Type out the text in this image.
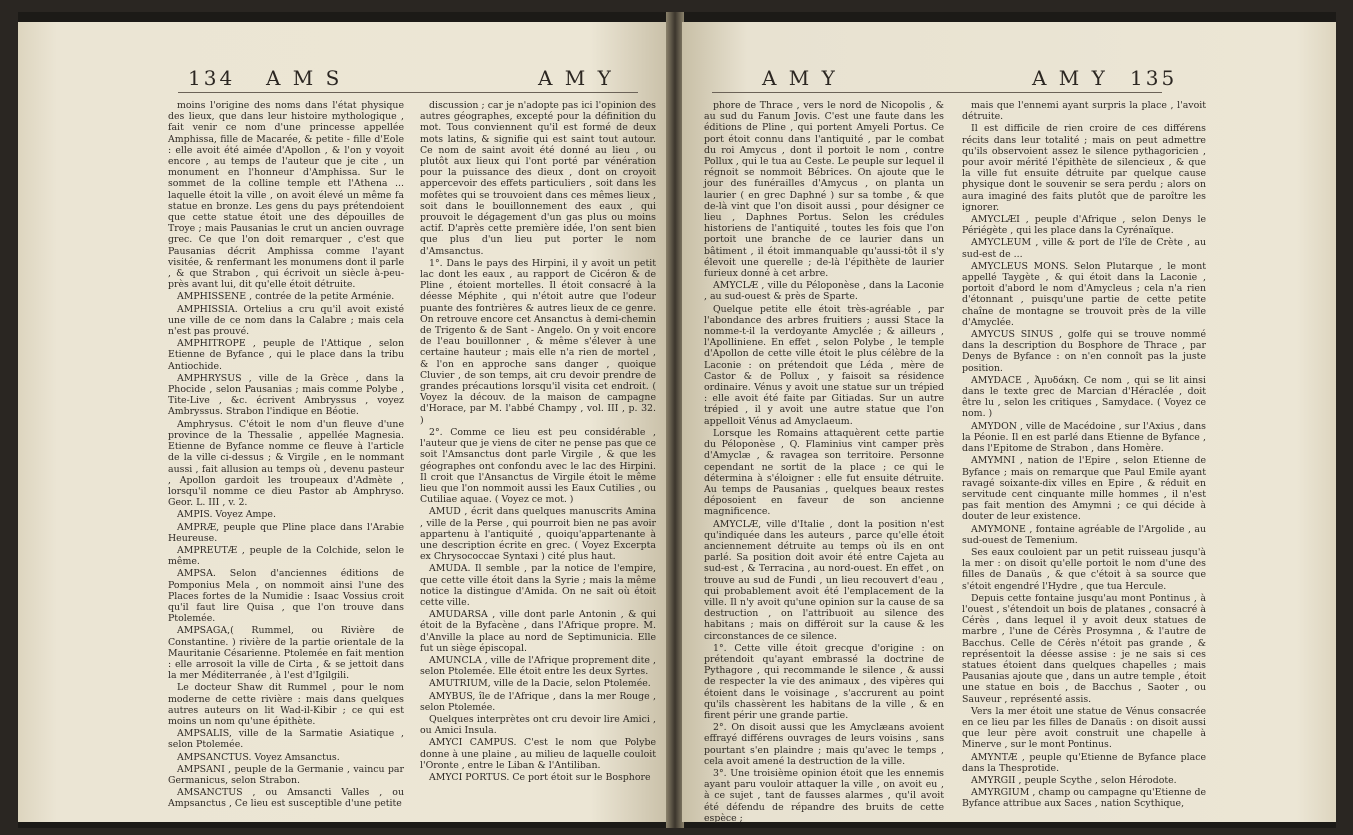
134 A M S	A M Y

moins l'origine des noms dans l'état physique des lieux, que dans leur histoire mythologique , fait venir ce nom d'une princesse appellée Amphissa, fille de Macarée, & petite - fille d'Eole : elle avoit été aimée d'Apollon , & l'on y voyoit encore , au temps de l'auteur que je cite , un monument en l'honneur d'Amphissa. Sur le sommet de la colline temple ett l'Athena ... laquelle étoit la ville , on avoit élevé un même fa statue en bronze. Les gens du pays prétendoient que cette statue étoit une des dépouilles de Troye ; mais Pausanias le crut un ancien ouvrage grec. Ce que l'on doit remarquer , c'est que Pausanias décrit Amphissa comme l'ayant visitée, & renfermant les monumens dont il parle , & que Strabon , qui écrivoit un siècle à-peu-près avant lui, dit qu'elle étoit détruite.

AMPHISSENE , contrée de la petite Arménie.

AMPHISSIA. Ortelius a cru qu'il avoit existé une ville de ce nom dans la Calabre ; mais cela n'est pas prouvé.

AMPHITROPE , peuple de l'Attique , selon Etienne de Byfance , qui le place dans la tribu Antiochide.

AMPHRYSUS , ville de la Grèce , dans la Phocide , selon Pausanias ; mais comme Polybe , Tite-Live , &c. écrivent Ambryssus , voyez Ambryssus. Strabon l'indique en Béotie.

Amphrysus. C'étoit le nom d'un fleuve d'une province de la Thessalie , appellée Magnesia. Etienne de Byfance nomme ce fleuve à l'article de la ville ci-dessus ; & Virgile , en le nommant aussi , fait allusion au temps où , devenu pasteur , Apollon gardoit les troupeaux d'Admète , lorsqu'il nomme ce dieu Pastor ab Amphryso. Geor. L. III , v. 2.

AMPIS. Voyez Ampe.

AMPRÆ, peuple que Pline place dans l'Arabie Heureuse.

AMPREUTÆ , peuple de la Colchide, selon le même.

AMPSA. Selon d'anciennes éditions de Pomponius Mela , on nommoit ainsi l'une des Places fortes de la Numidie : Isaac Vossius croit qu'il faut lire Quisa , que l'on trouve dans Ptolemée.

AMPSAGA,( Rummel, ou Rivière de Constantine. ) rivière de la partie orientale de la Mauritanie Césarienne. Ptolemée en fait mention : elle arrosoit la ville de Cirta , & se jettoit dans la mer Méditerranée , à l'est d'Igilgili.

Le docteur Shaw dit Rummel , pour le nom moderne de cette rivière : mais dans quelques autres auteurs on lit Wad-il-Kibir ; ce qui est moins un nom qu'une épithète.

AMPSALIS, ville de la Sarmatie Asiatique , selon Ptolemée.

AMPSANCTUS. Voyez Amsanctus.

AMPSANI , peuple de la Germanie , vaincu par Germanicus, selon Strabon.

AMSANCTUS , ou Amsancti Valles , ou Ampsanctus , Ce lieu est susceptible d'une petite

discussion ; car je n'adopte pas ici l'opinion des autres géographes, excepté pour la définition du mot. Tous conviennent qu'il est formé de deux mots latins, & signifie qui est saint tout autour. Ce nom de saint avoit été donné au lieu , ou plutôt aux lieux qui l'ont porté par vénération pour la puissance des dieux , dont on croyoit appercevoir des effets particuliers , soit dans les mofètes qui se trouvoient dans ces mêmes lieux , soit dans le bouillonnement des eaux , qui prouvoit le dégagement d'un gas plus ou moins actif. D'après cette première idée, l'on sent bien que plus d'un lieu put porter le nom d'Amsanctus.

1°. Dans le pays des Hirpini, il y avoit un petit lac dont les eaux , au rapport de Cicéron & de Pline , étoient mortelles. Il étoit consacré à la déesse Méphite , qui n'étoit autre que l'odeur puante des fontrières & autres lieux de ce genre. On retrouve encore cet Ansanctus à demi-chemin de Trigento & de Sant - Angelo. On y voit encore de l'eau bouillonner , & même s'élever à une certaine hauteur ; mais elle n'a rien de mortel , & l'on en approche sans danger , quoique Cluvier , de son temps, ait cru devoir prendre de grandes précautions lorsqu'il visita cet endroit. ( Voyez la découv. de la maison de campagne d'Horace, par M. l'abbé Champy , vol. III , p. 32. )

2°. Comme ce lieu est peu considérable , l'auteur que je viens de citer ne pense pas que ce soit l'Amsanctus dont parle Virgile , & que les géographes ont confondu avec le lac des Hirpini. Il croit que l'Ansanctus de Virgile étoit le même lieu que l'on nommoit aussi les Eaux Cutilies , ou Cutiliae aquae. ( Voyez ce mot. )

AMUD , écrit dans quelques manuscrits Amina , ville de la Perse , qui pourroit bien ne pas avoir appartenu à l'antiquité , quoiqu'appartenante à une description écrite en grec. ( Voyez Excerpta ex Chrysococcae Syntaxi ) cité plus haut.

AMUDA. Il semble , par la notice de l'empire, que cette ville étoit dans la Syrie ; mais la même notice la distingue d'Amida. On ne sait où étoit cette ville.

AMUDARSA , ville dont parle Antonin , & qui étoit de la Byfacène , dans l'Afrique propre. M. d'Anville la place au nord de Septimunicia. Elle fut un siège épiscopal.

AMUNCLA , ville de l'Afrique proprement dite , selon Ptolemée. Elle étoit entre les deux Syrtes.

AMUTRIUM, ville de la Dacie, selon Ptolemée.

AMYBUS, île de l'Afrique , dans la mer Rouge , selon Ptolemée.

Quelques interprètes ont cru devoir lire Amici , ou Amici Insula.

AMYCI CAMPUS. C'est le nom que Polybe donne à une plaine , au milieu de laquelle couloit l'Oronte , entre le Liban & l'Antiliban.

AMYCI PORTUS. Ce port étoit sur le Bosphore

A M Y	A M Y 135

phore de Thrace , vers le nord de Nicopolis , & au sud du Fanum Jovis. C'est une faute dans les éditions de Pline , qui portent Amyeli Portus. Ce port étoit connu dans l'antiquité , par le combat du roi Amycus , dont il portoit le nom , contre Pollux , qui le tua au Ceste. Le peuple sur lequel il régnoit se nommoit Bébrices. On ajoute que le jour des funérailles d'Amycus , on planta un laurier ( en grec Daphné ) sur sa tombe , & que de-là vint que l'on disoit aussi , pour désigner ce lieu , Daphnes Portus. Selon les crédules historiens de l'antiquité , toutes les fois que l'on portoit une branche de ce laurier dans un bâtiment , il étoit immanquable qu'aussi-tôt il s'y élevoit une querelle ; de-là l'épithète de laurier furieux donné à cet arbre.

AMYCLÆ , ville du Péloponèse , dans la Laconie , au sud-ouest & près de Sparte.

Quelque petite elle étoit très-agréable , par l'abondance des arbres fruitiers ; aussi Stace la nomme-t-il la verdoyante Amyclée ; & ailleurs , l'Apolliniene. En effet , selon Polybe , le temple d'Apollon de cette ville étoit le plus célèbre de la Laconie : on prétendoit que Léda , mère de Castor & de Pollux , y faisoit sa résidence ordinaire. Vénus y avoit une statue sur un trépied : elle avoit été faite par Gitiadas. Sur un autre trépied , il y avoit une autre statue que l'on appelloit Vénus ad Amyclaeum.

Lorsque les Romains attaquèrent cette partie du Péloponèse , Q. Flaminius vint camper près d'Amyclæ , & ravagea son territoire. Personne cependant ne sortit de la place ; ce qui le détermina à s'éloigner : elle fut ensuite détruite. Au temps de Pausanias , quelques beaux restes déposoient en faveur de son ancienne magnificence.

AMYCLÆ, ville d'Italie , dont la position n'est qu'indiquée dans les auteurs , parce qu'elle étoit anciennement détruite au temps où ils en ont parlé. Sa position doit avoir été entre Cajeta au sud-est , & Terracina , au nord-ouest. En effet , on trouve au sud de Fundi , un lieu recouvert d'eau , qui probablement avoit été l'emplacement de la ville. Il n'y avoit qu'une opinion sur la cause de sa destruction , on l'attribuoit au silence des habitans ; mais on différoit sur la cause & les circonstances de ce silence.

1°. Cette ville étoit grecque d'origine : on prétendoit qu'ayant embrassé la doctrine de Pythagore , qui recommande le silence , & aussi de respecter la vie des animaux , des vipères qui étoient dans le voisinage , s'accrurent au point qu'ils chassèrent les habitans de la ville , & en firent périr une grande partie.

2°. On disoit aussi que les Amyclæans avoient effrayé différens ouvrages de leurs voisins , sans pourtant s'en plaindre ; mais qu'avec le temps , cela avoit amené la destruction de la ville.

3°. Une troisième opinion étoit que les ennemis ayant paru vouloir attaquer la ville , on avoit eu , à ce sujet , tant de fausses alarmes , qu'il avoit été défendu de répandre des bruits de cette espèce ;

mais que l'ennemi ayant surpris la place , l'avoit détruite.

Il est difficile de rien croire de ces différens récits dans leur totalité ; mais on peut admettre qu'ils observoient assez le silence pythagoricien , pour avoir mérité l'épithète de silencieux , & que la ville fut ensuite détruite par quelque cause physique dont le souvenir se sera perdu ; alors on aura imaginé des faits plutôt que de paroître les ignorer.

AMYCLÆI , peuple d'Afrique , selon Denys le Périégète , qui les place dans la Cyrénaïque.

AMYCLEUM , ville & port de l'île de Crète , au sud-est de ...

AMYCLEUS MONS. Selon Plutarque , le mont appellé Taygète , & qui étoit dans la Laconie , portoit d'abord le nom d'Amycleus ; cela n'a rien d'étonnant , puisqu'une partie de cette petite chaîne de montagne se trouvoit près de la ville d'Amyclée.

AMYCUS SINUS , golfe qui se trouve nommé dans la description du Bosphore de Thrace , par Denys de Byfance : on n'en connoît pas la juste position.

AMYDACE , Ἀμυδάκη. Ce nom , qui se lit ainsi dans le texte grec de Marcian d'Héraclée , doit être lu , selon les critiques , Samydace. ( Voyez ce nom. )

AMYDON , ville de Macédoine , sur l'Axius , dans la Péonie. Il en est parlé dans Etienne de Byfance , dans l'Epitome de Strabon , dans Homère.

AMYMNI , nation de l'Epire , selon Etienne de Byfance ; mais on remarque que Paul Emile ayant ravagé soixante-dix villes en Epire , & réduit en servitude cent cinquante mille hommes , il n'est pas fait mention des Amymni ; ce qui décide à douter de leur existence.

AMYMONE , fontaine agréable de l'Argolide , au sud-ouest de Temenium.

Ses eaux couloient par un petit ruisseau jusqu'à la mer : on disoit qu'elle portoit le nom d'une des filles de Danaüs , & que c'étoit à sa source que s'étoit engendré l'Hydre , que tua Hercule.

Depuis cette fontaine jusqu'au mont Pontinus , à l'ouest , s'étendoit un bois de platanes , consacré à Cérès , dans lequel il y avoit deux statues de marbre , l'une de Cérès Prosymna , & l'autre de Bacchus. Celle de Cérès n'étoit pas grande , & représentoit la déesse assise : je ne sais si ces statues étoient dans quelques chapelles ; mais Pausanias ajoute que , dans un autre temple , étoit une statue en bois , de Bacchus , Saoter , ou Sauveur , représenté assis.

Vers la mer étoit une statue de Vénus consacrée en ce lieu par les filles de Danaüs : on disoit aussi que leur père avoit construit une chapelle à Minerve , sur le mont Pontinus.

AMYNTÆ , peuple qu'Etienne de Byfance place dans la Thesprotide.

AMYRGII , peuple Scythe , selon Hérodote.

AMYRGIUM , champ ou campagne qu'Etienne de Byfance attribue aux Saces , nation Scythique,
